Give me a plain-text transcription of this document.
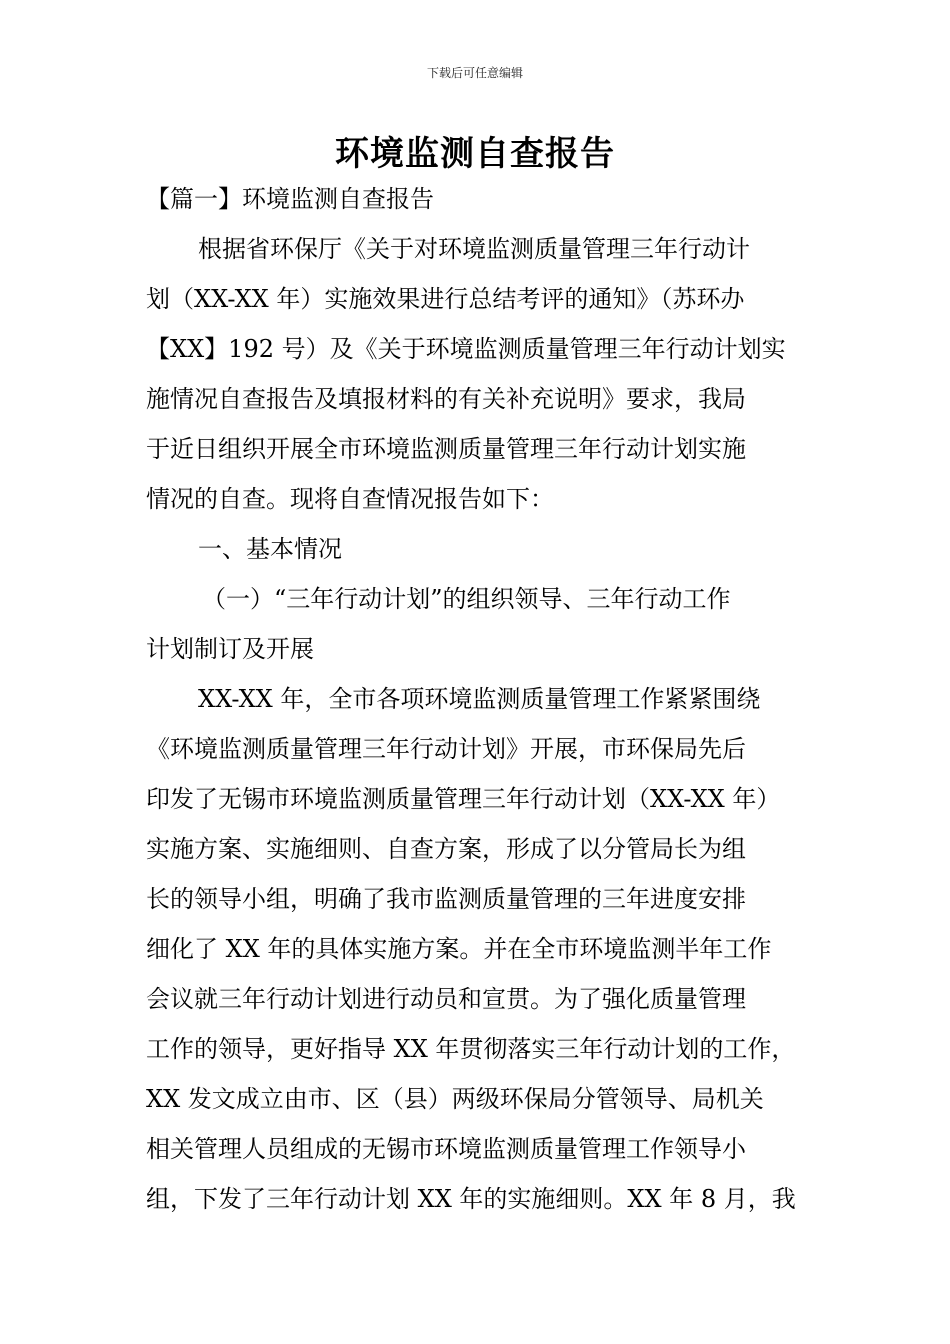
下载后可任意编辑
环境监测自查报告
【篇一】环境监测自查报告
根据省环保厅《关于对环境监测质量管理三年行动计
划（XX-XX 年）实施效果进行总结考评的通知》（苏环办
【XX】192 号）及《关于环境监测质量管理三年行动计划实
施情况自查报告及填报材料的有关补充说明》要求，我局
于近日组织开展全市环境监测质量管理三年行动计划实施
情况的自查。现将自查情况报告如下：
一、基本情况
（一）“三年行动计划”的组织领导、三年行动工作
计划制订及开展
XX-XX 年，全市各项环境监测质量管理工作紧紧围绕
《环境监测质量管理三年行动计划》开展，市环保局先后
印发了无锡市环境监测质量管理三年行动计划（XX-XX 年）
实施方案、实施细则、自查方案，形成了以分管局长为组
长的领导小组，明确了我市监测质量管理的三年进度安排
细化了 XX 年的具体实施方案。并在全市环境监测半年工作
会议就三年行动计划进行动员和宣贯。为了强化质量管理
工作的领导，更好指导 XX 年贯彻落实三年行动计划的工作，
XX 发文成立由市、区（县）两级环保局分管领导、局机关
相关管理人员组成的无锡市环境监测质量管理工作领导小
组，下发了三年行动计划 XX 年的实施细则。XX 年 8 月，我
